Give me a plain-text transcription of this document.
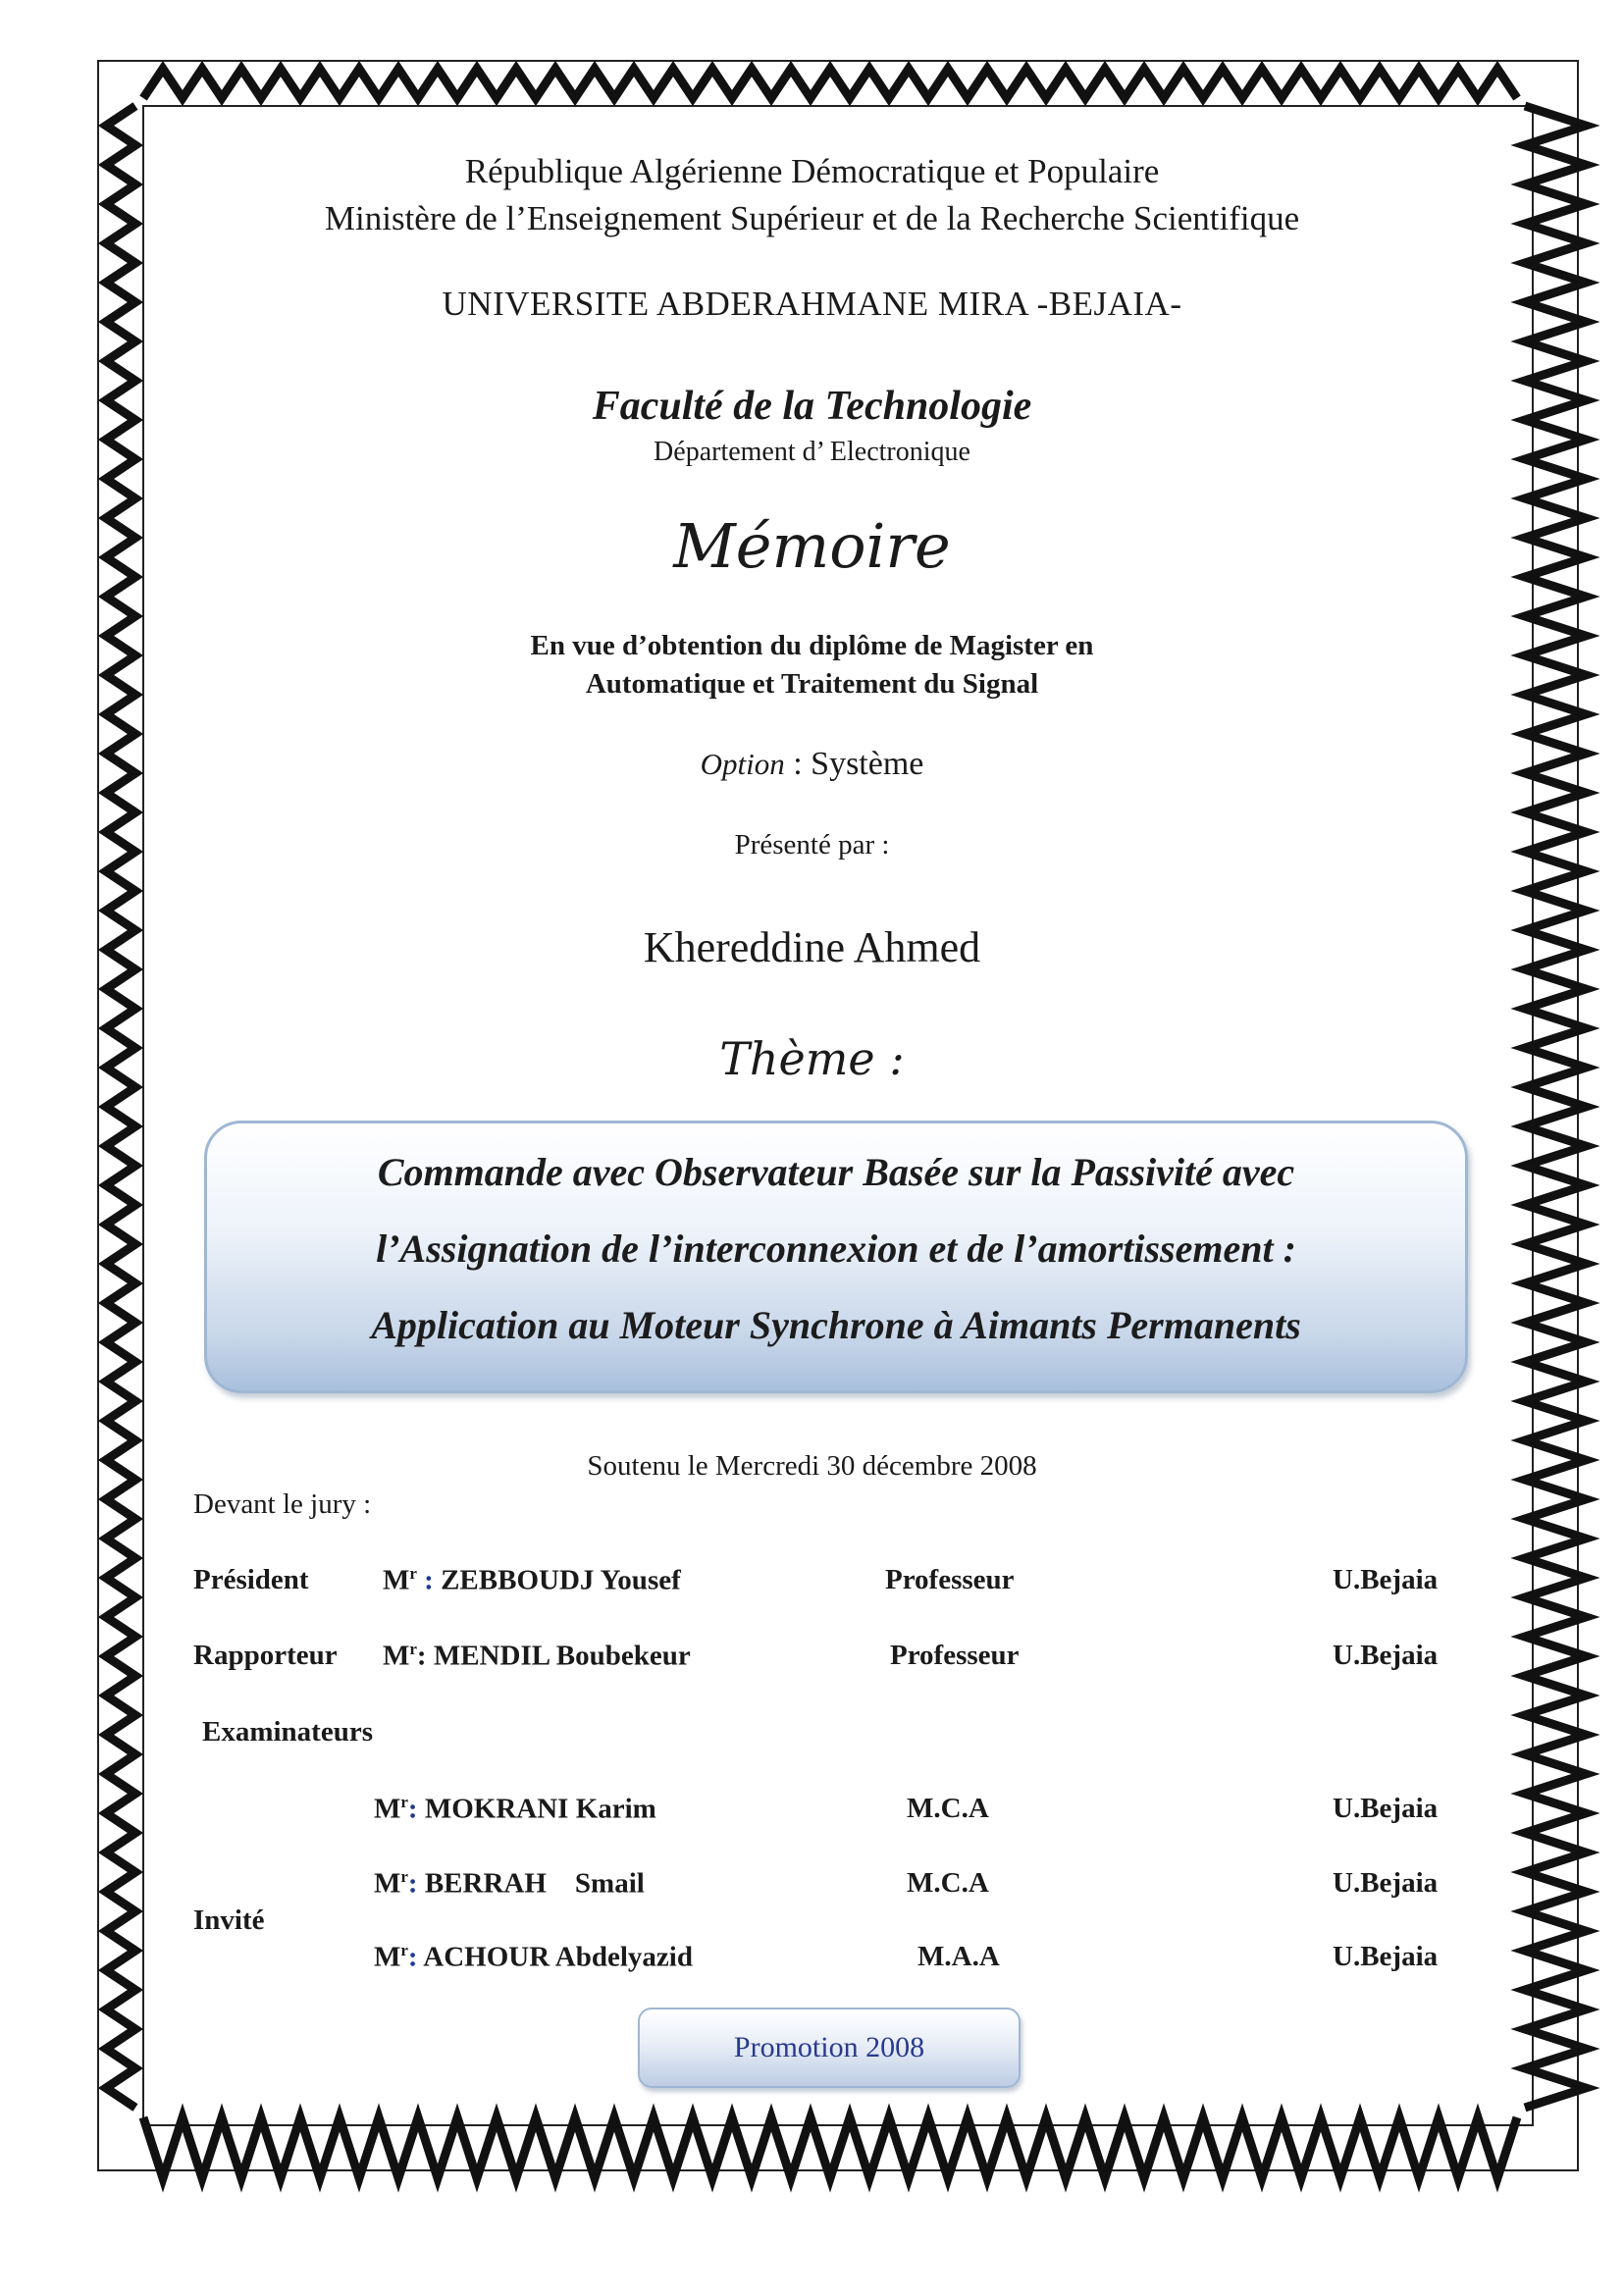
République Algérienne Démocratique et Populaire
Ministère de l’Enseignement Supérieur et de la Recherche Scientifique
UNIVERSITE ABDERAHMANE MIRA -BEJAIA-
Faculté de la Technologie
Département d’ Electronique
Mémoire
En vue d’obtention du diplôme de Magister en
Automatique et Traitement du Signal
Option : Système
Présenté par :
Khereddine Ahmed
Thème :
Commande avec Observateur Basée sur la Passivité avec
l’Assignation de l’interconnexion et de l’amortissement :
Application au Moteur Synchrone à Aimants Permanents
Soutenu le Mercredi 30 décembre 2008
Devant le jury :
Président	$M^r$ : ZEBBOUDJ Yousef	Professeur	U.Bejaia
Rapporteur $M^r$: MENDIL Boubekeur	Professeur	U.Bejaia
Examinateurs
$M^r$: MOKRANI Karim	M.C.A	U.Bejaia
$M^r$: BERRAH    Smail	M.C.A	U.Bejaia
Invité
$M^r$: ACHOUR Abdelyazid	M.A.A	U.Bejaia
Promotion 2008
